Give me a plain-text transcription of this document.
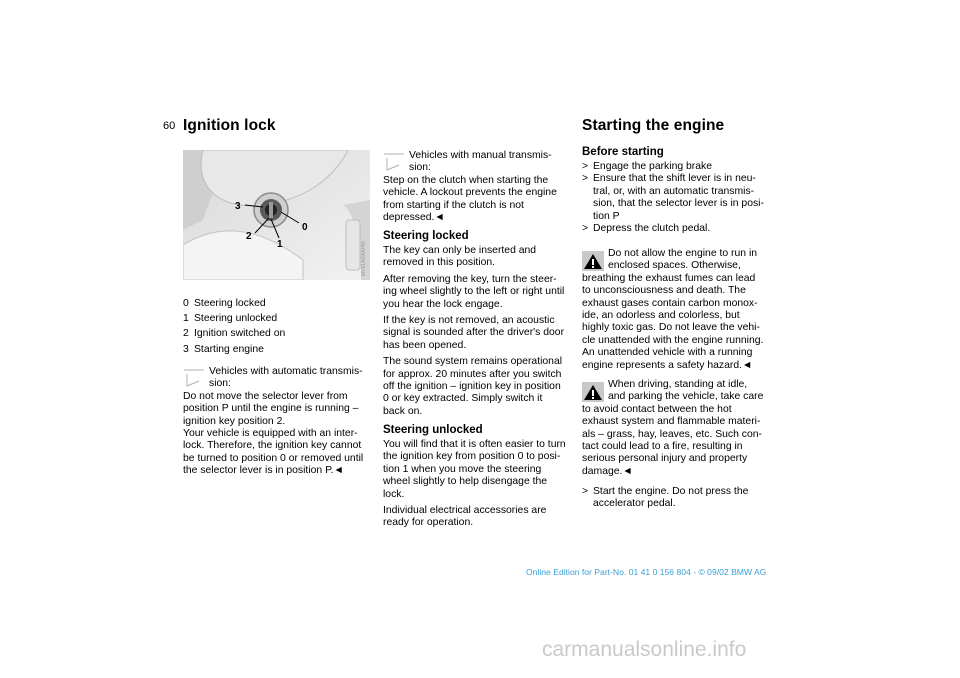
60 Ignition lock
3
2
1
0
MV91ARAAHW
0 Steering locked
1 Steering unlocked
2 Ignition switched on
3 Starting engine
Vehicles with automatic transmis-
sion:
Do not move the selector lever from
position P until the engine is running –
ignition key position 2.
Your vehicle is equipped with an inter-
lock. Therefore, the ignition key cannot
be turned to position 0 or removed until
the selector lever is in position P.◄
Vehicles with manual transmis-
sion:
Step on the clutch when starting the
vehicle. A lockout prevents the engine
from starting if the clutch is not
depressed.◄
Steering locked
The key can only be inserted and
removed in this position.
After removing the key, turn the steer-
ing wheel slightly to the left or right until
you hear the lock engage.
If the key is not removed, an acoustic
signal is sounded after the driver's door
has been opened.
The sound system remains operational
for approx. 20 minutes after you switch
off the ignition – ignition key in position
0 or key extracted. Simply switch it
back on.
Steering unlocked
You will find that it is often easier to turn
the ignition key from position 0 to posi-
tion 1 when you move the steering
wheel slightly to help disengage the
lock.
Individual electrical accessories are
ready for operation.
Starting the engine
Before starting
> Engage the parking brake
> Ensure that the shift lever is in neu-
tral, or, with an automatic transmis-
sion, that the selector lever is in posi-
tion P
> Depress the clutch pedal.
Do not allow the engine to run in
enclosed spaces. Otherwise,
breathing the exhaust fumes can lead
to unconsciousness and death. The
exhaust gases contain carbon monox-
ide, an odorless and colorless, but
highly toxic gas. Do not leave the vehi-
cle unattended with the engine running.
An unattended vehicle with a running
engine represents a safety hazard.◄
When driving, standing at idle,
and parking the vehicle, take care
to avoid contact between the hot
exhaust system and flammable materi-
als – grass, hay, leaves, etc. Such con-
tact could lead to a fire, resulting in
serious personal injury and property
damage.◄
> Start the engine. Do not press the
accelerator pedal.
Online Edition for Part-No. 01 41 0 156 804 - © 09/02 BMW AG
carmanualsonline.info
